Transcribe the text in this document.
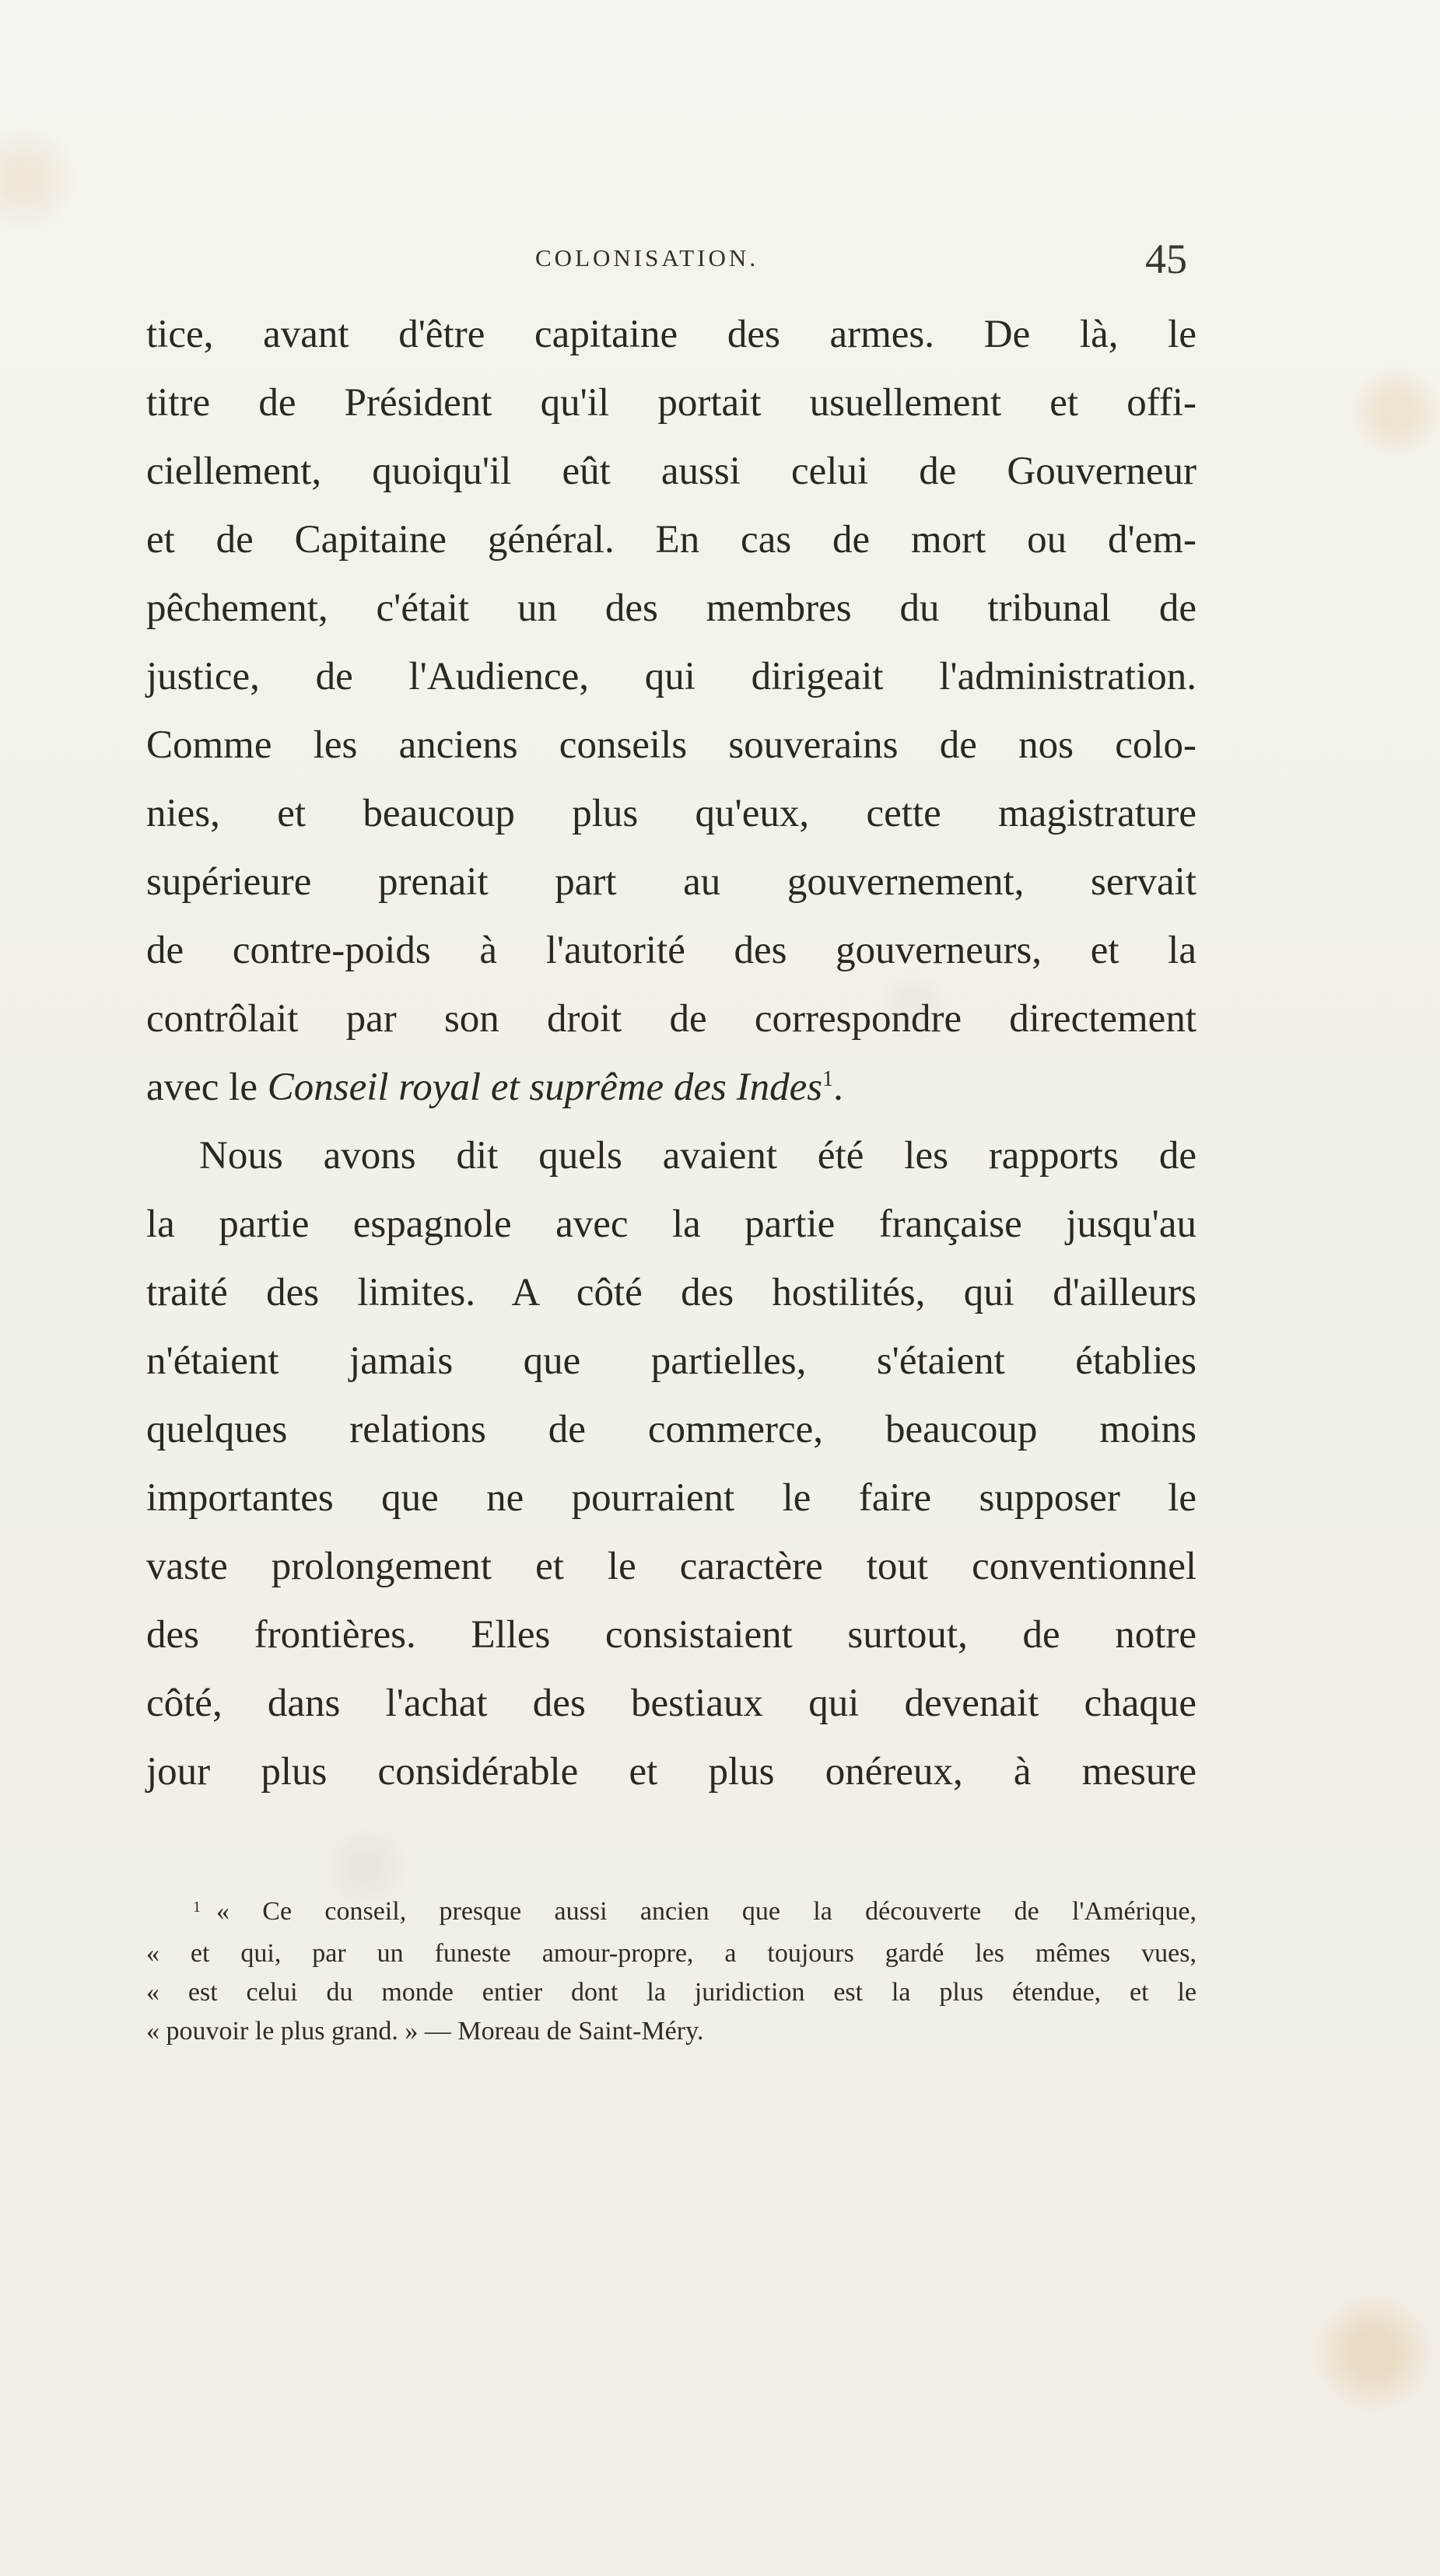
COLONISATION.	45
tice, avant d'être capitaine des armes. De là, le
titre de Président qu'il portait usuellement et offi-
ciellement, quoiqu'il eût aussi celui de Gouverneur
et de Capitaine général. En cas de mort ou d'em-
pêchement, c'était un des membres du tribunal de
justice, de l'Audience, qui dirigeait l'administration.
Comme les anciens conseils souverains de nos colo-
nies, et beaucoup plus qu'eux, cette magistrature
supérieure prenait part au gouvernement, servait
de contre-poids à l'autorité des gouverneurs, et la
contrôlait par son droit de correspondre directement
avec le Conseil royal et suprême des Indes$^1$.
Nous avons dit quels avaient été les rapports de
la partie espagnole avec la partie française jusqu'au
traité des limites. A côté des hostilités, qui d'ailleurs
n'étaient jamais que partielles, s'étaient établies
quelques relations de commerce, beaucoup moins
importantes que ne pourraient le faire supposer le
vaste prolongement et le caractère tout conventionnel
des frontières. Elles consistaient surtout, de notre
côté, dans l'achat des bestiaux qui devenait chaque
jour plus considérable et plus onéreux, à mesure
$^1$ « Ce conseil, presque aussi ancien que la découverte de l'Amérique,
« et qui, par un funeste amour-propre, a toujours gardé les mêmes vues,
« est celui du monde entier dont la juridiction est la plus étendue, et le
« pouvoir le plus grand. » — Moreau de Saint-Méry.
